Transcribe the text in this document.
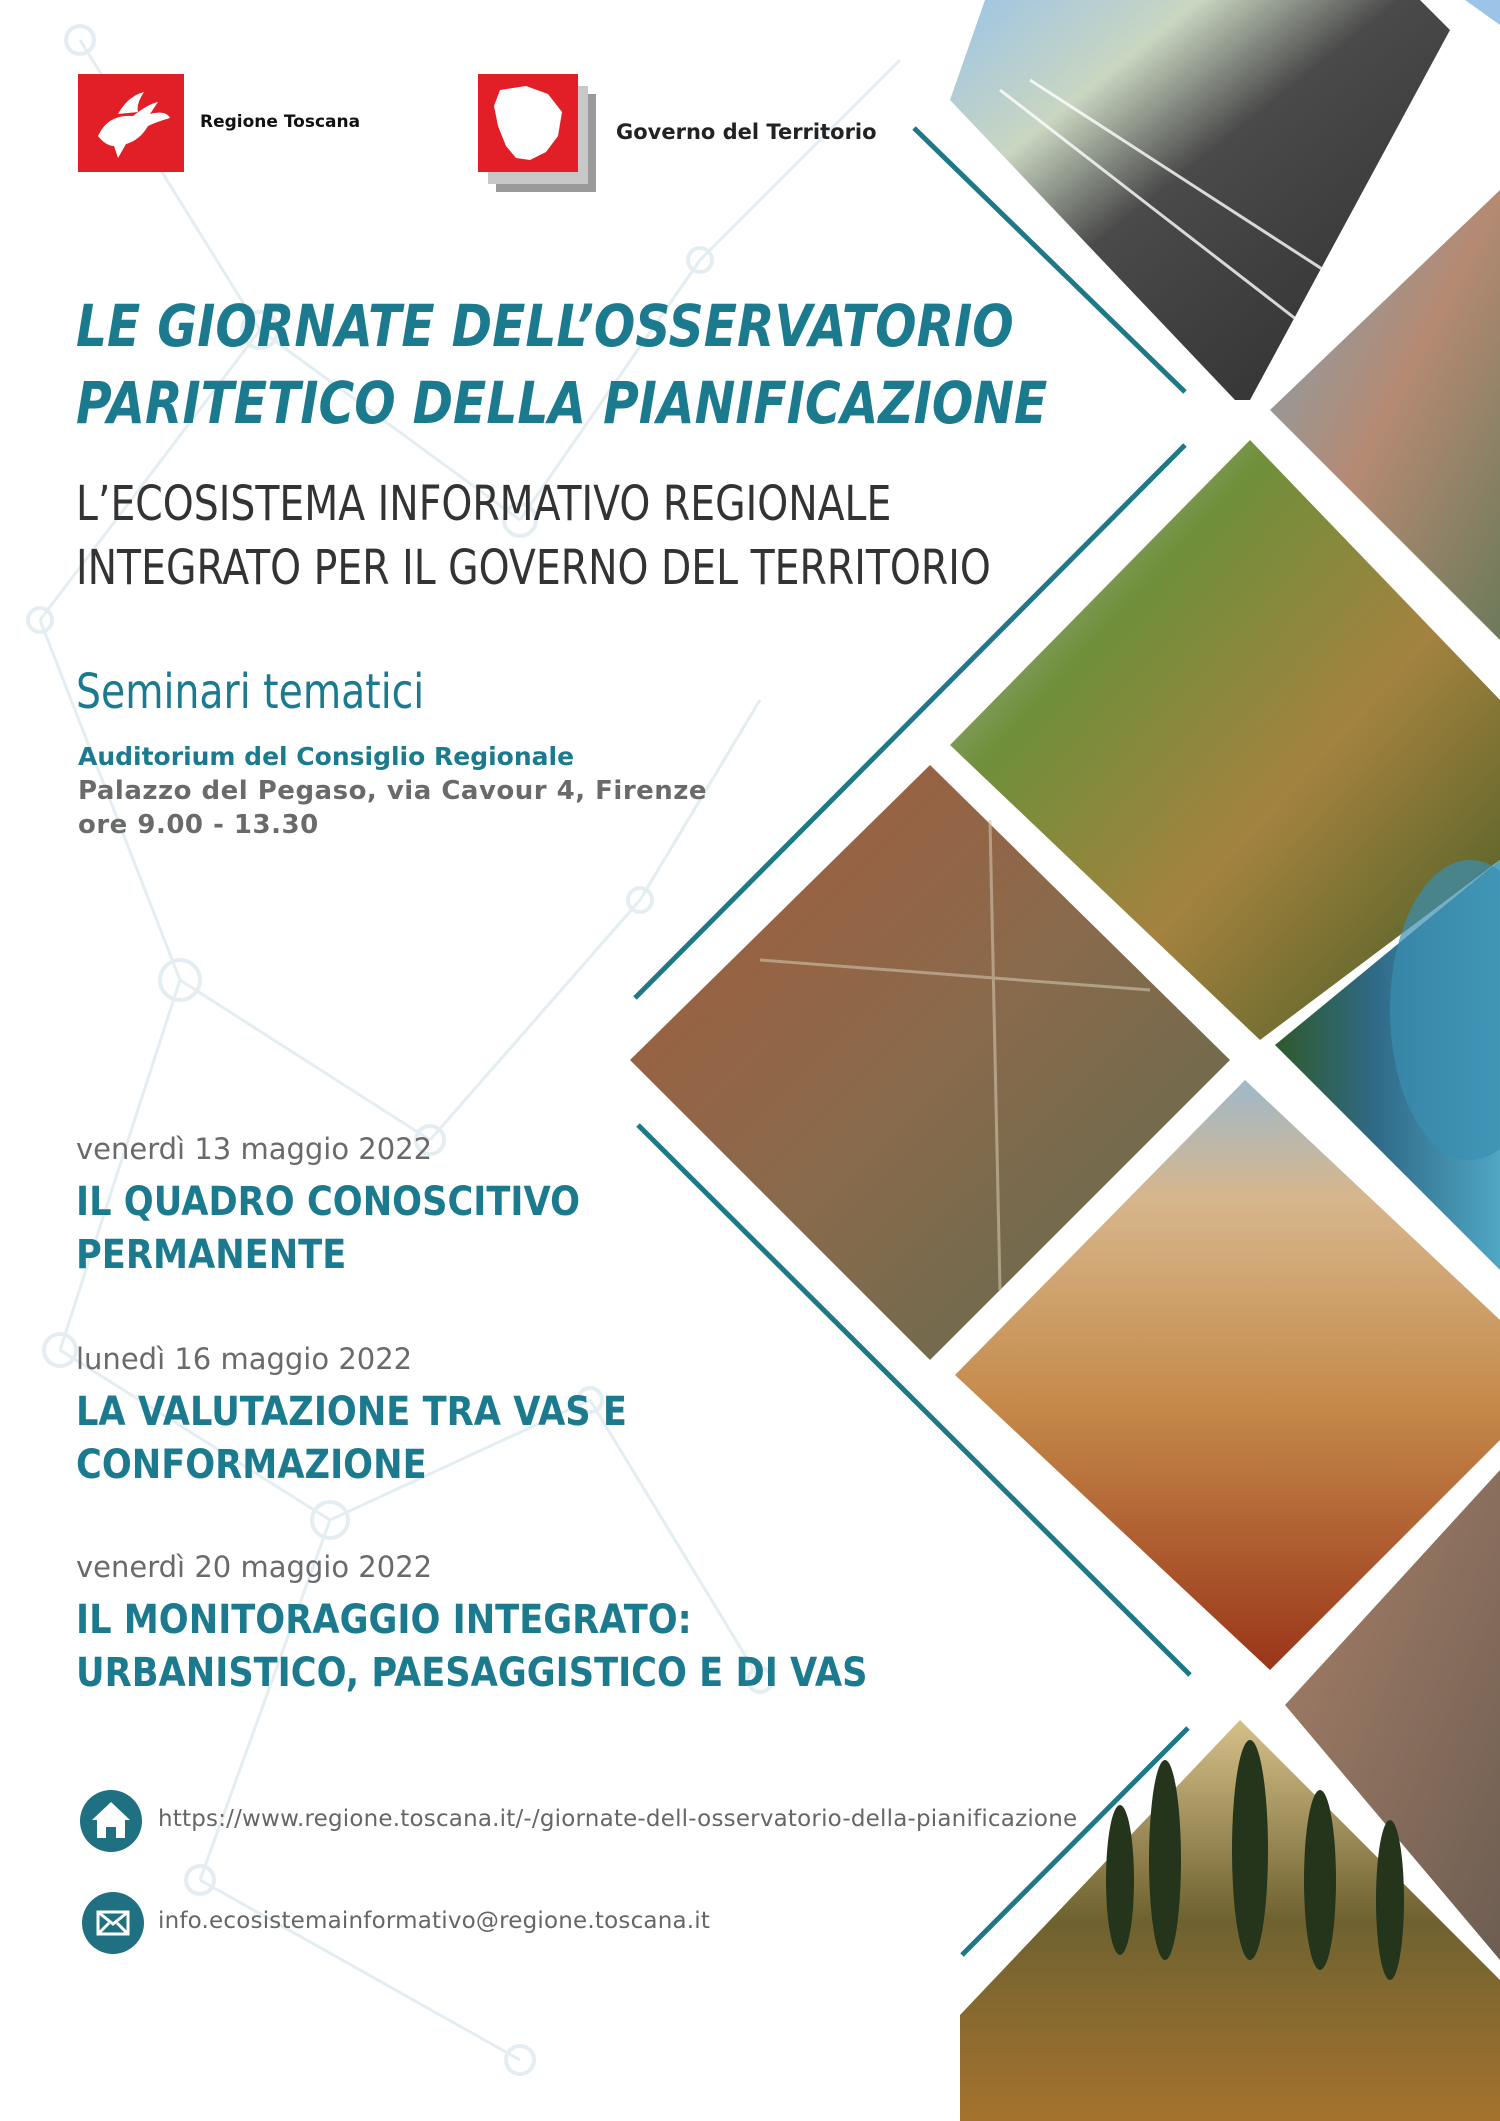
Regione Toscana	Governo del Territorio
LE GIORNATE DELL’OSSERVATORIO
PARITETICO DELLA PIANIFICAZIONE
L’ECOSISTEMA INFORMATIVO REGIONALE
INTEGRATO PER IL GOVERNO DEL TERRITORIO
Seminari tematici
Auditorium del Consiglio Regionale
Palazzo del Pegaso, via Cavour 4, Firenze
ore 9.00 - 13.30
venerdì 13 maggio 2022
IL QUADRO CONOSCITIVO
PERMANENTE
lunedì 16 maggio 2022
LA VALUTAZIONE TRA VAS E
CONFORMAZIONE
venerdì 20 maggio 2022
IL MONITORAGGIO INTEGRATO:
URBANISTICO, PAESAGGISTICO E DI VAS
https://www.regione.toscana.it/-/giornate-dell-osservatorio-della-pianificazione
info.ecosistemainformativo@regione.toscana.it
